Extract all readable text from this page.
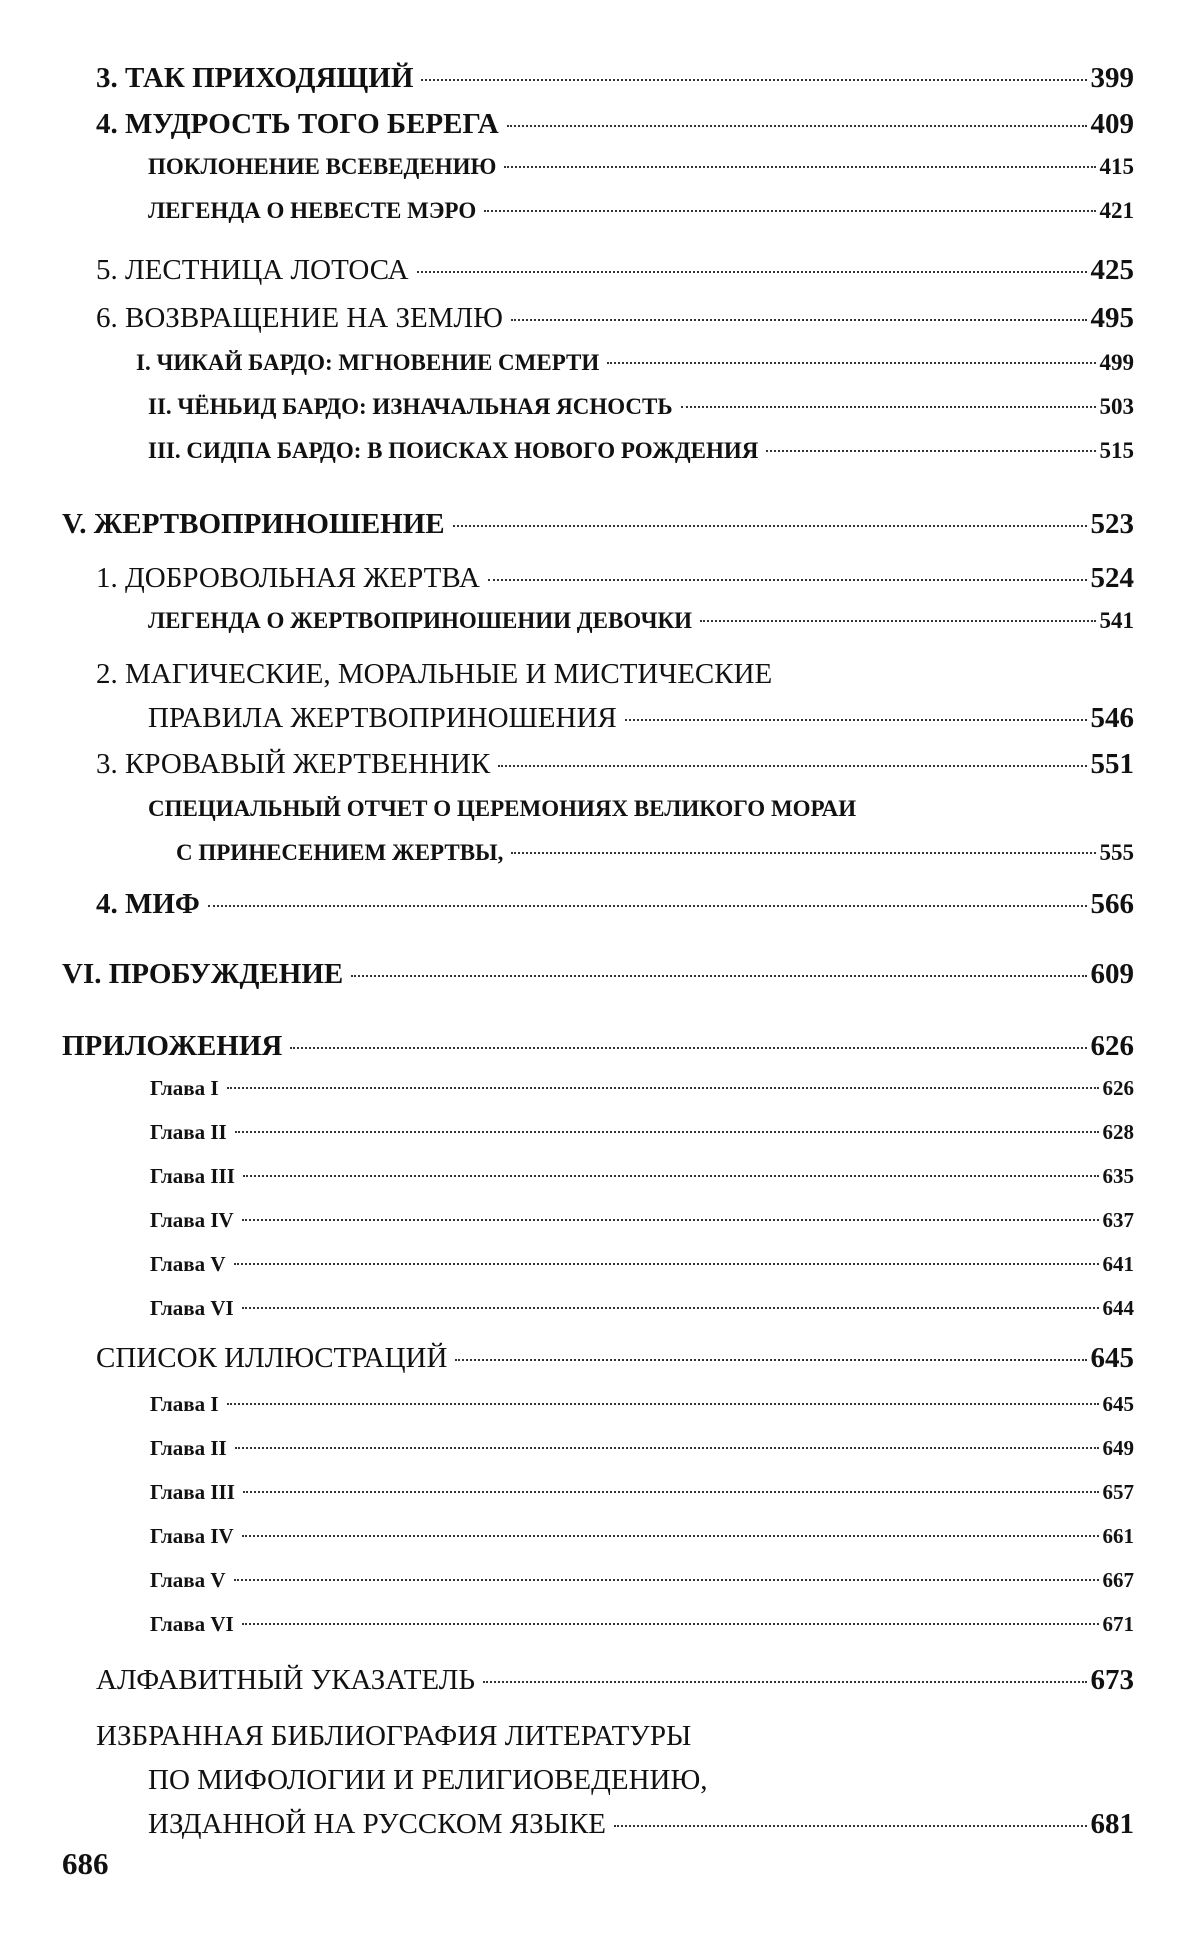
3. ТАК ПРИХОДЯЩИЙ	399
4. МУДРОСТЬ ТОГО БЕРЕГА	409
ПОКЛОНЕНИЕ ВСЕВЕДЕНИЮ	415
ЛЕГЕНДА О НЕВЕСТЕ МЭРО	421
5. ЛЕСТНИЦА ЛОТОСА	425
6. ВОЗВРАЩЕНИЕ НА ЗЕМЛЮ	495
I. ЧИКАЙ БАРДО: МГНОВЕНИЕ СМЕРТИ	499
II. ЧЁНЬИД БАРДО: ИЗНАЧАЛЬНАЯ ЯСНОСТЬ	503
III. СИДПА БАРДО: В ПОИСКАХ НОВОГО РОЖДЕНИЯ	515
V. ЖЕРТВОПРИНОШЕНИЕ	523
1. ДОБРОВОЛЬНАЯ ЖЕРТВА	524
ЛЕГЕНДА О ЖЕРТВОПРИНОШЕНИИ ДЕВОЧКИ	541
2. МАГИЧЕСКИЕ, МОРАЛЬНЫЕ И МИСТИЧЕСКИЕ
ПРАВИЛА ЖЕРТВОПРИНОШЕНИЯ	546
3. КРОВАВЫЙ ЖЕРТВЕННИК	551
СПЕЦИАЛЬНЫЙ ОТЧЕТ О ЦЕРЕМОНИЯХ ВЕЛИКОГО МОРАИ
С ПРИНЕСЕНИЕМ ЖЕРТВЫ,	555
4. МИФ	566
VI. ПРОБУЖДЕНИЕ	609
ПРИЛОЖЕНИЯ	626
Глава I	626
Глава II	628
Глава III	635
Глава IV	637
Глава V	641
Глава VI	644
СПИСОК ИЛЛЮСТРАЦИЙ	645
Глава I	645
Глава II	649
Глава III	657
Глава IV	661
Глава V	667
Глава VI	671
АЛФАВИТНЫЙ УКАЗАТЕЛЬ	673
ИЗБРАННАЯ БИБЛИОГРАФИЯ ЛИТЕРАТУРЫ
ПО МИФОЛОГИИ И РЕЛИГИОВЕДЕНИЮ,
ИЗДАННОЙ НА РУССКОМ ЯЗЫКЕ	681
686
